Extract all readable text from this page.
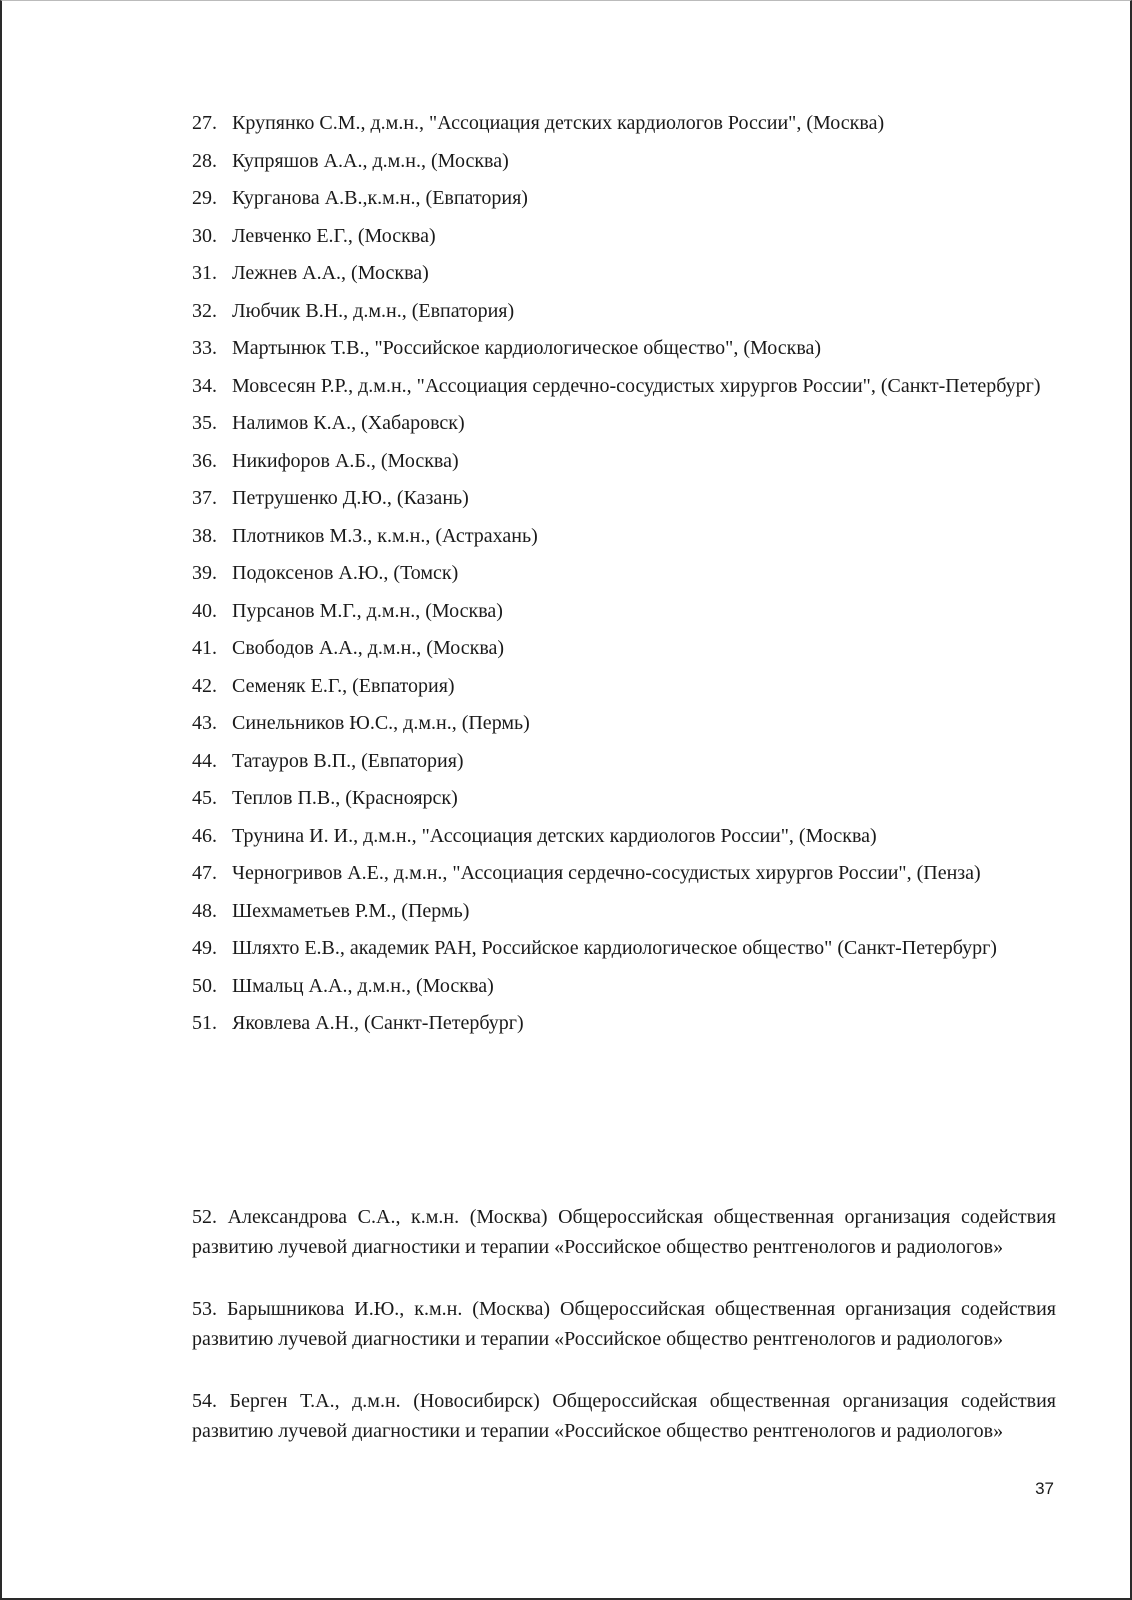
27. Крупянко С.М., д.м.н., "Ассоциация детских кардиологов России", (Москва)
28. Купряшов А.А., д.м.н., (Москва)
29. Курганова А.В.,к.м.н., (Евпатория)
30. Левченко Е.Г., (Москва)
31. Лежнев А.А., (Москва)
32. Любчик В.Н., д.м.н., (Евпатория)
33. Мартынюк Т.В., "Российское кардиологическое общество", (Москва)
34. Мовсесян Р.Р., д.м.н., "Ассоциация сердечно-сосудистых хирургов России", (Санкт-Петербург)
35. Налимов К.А., (Хабаровск)
36. Никифоров А.Б., (Москва)
37. Петрушенко Д.Ю., (Казань)
38. Плотников М.З., к.м.н., (Астрахань)
39. Подоксенов А.Ю., (Томск)
40. Пурсанов М.Г., д.м.н., (Москва)
41. Свободов А.А., д.м.н., (Москва)
42. Семеняк Е.Г., (Евпатория)
43. Синельников Ю.С., д.м.н., (Пермь)
44. Татауров В.П., (Евпатория)
45. Теплов П.В., (Красноярск)
46. Трунина И. И., д.м.н., "Ассоциация детских кардиологов России", (Москва)
47. Черногривов А.Е., д.м.н., "Ассоциация сердечно-сосудистых хирургов России", (Пенза)
48. Шехмаметьев Р.М., (Пермь)
49. Шляхто Е.В., академик РАН, Российское кардиологическое общество" (Санкт-Петербург)
50. Шмальц А.А., д.м.н., (Москва)
51. Яковлева А.Н., (Санкт-Петербург)

52. Александрова С.А., к.м.н. (Москва) Общероссийская общественная организация содействия развитию лучевой диагностики и терапии «Российское общество рентгенологов и радиологов»

53. Барышникова И.Ю., к.м.н. (Москва) Общероссийская общественная организация содействия развитию лучевой диагностики и терапии «Российское общество рентгенологов и радиологов»

54. Берген Т.А., д.м.н. (Новосибирск) Общероссийская общественная организация содействия развитию лучевой диагностики и терапии «Российское общество рентгенологов и радиологов»

37
